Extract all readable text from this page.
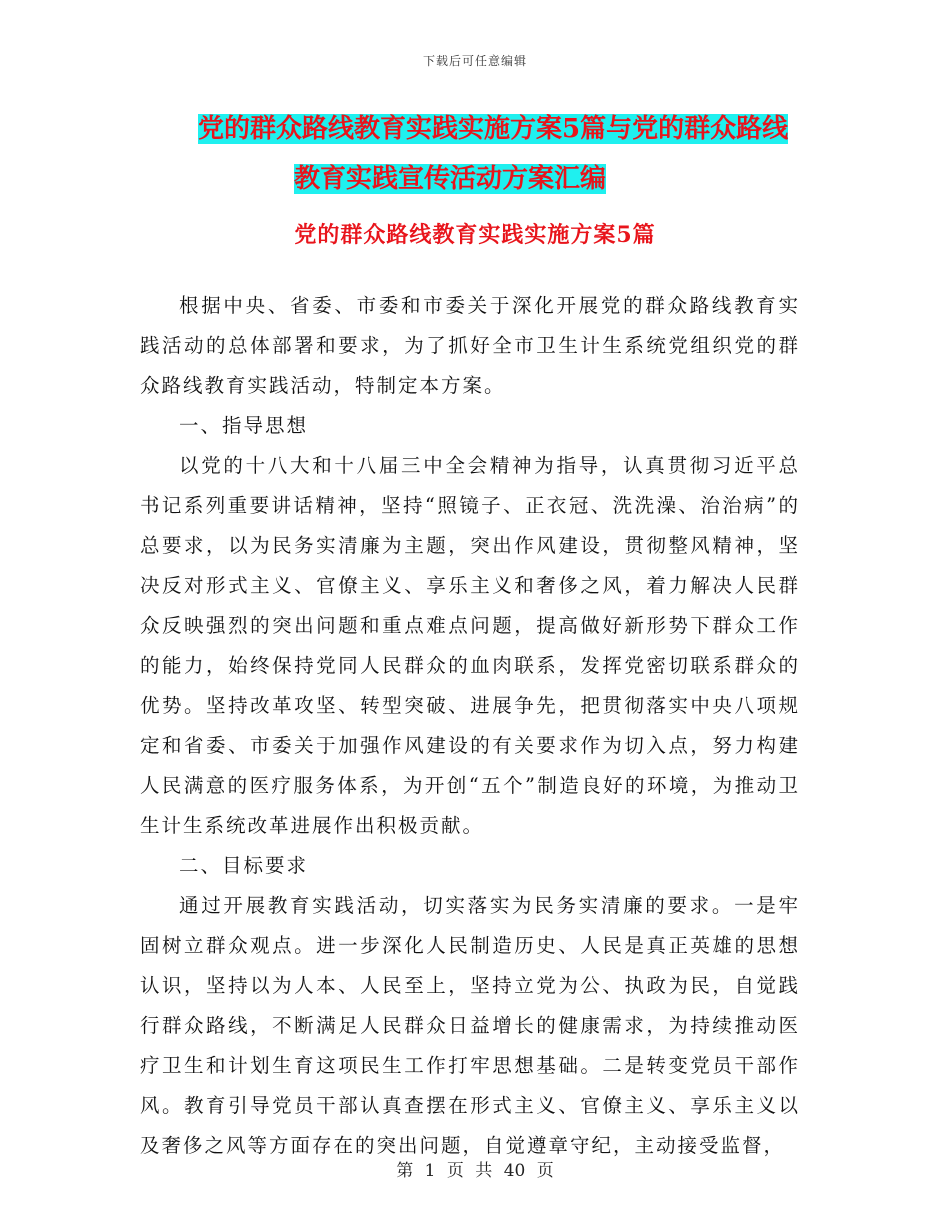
下载后可任意编辑
党的群众路线教育实践实施方案5篇与党的群众路线
教育实践宣传活动方案汇编
党的群众路线教育实践实施方案5篇

根据中央、省委、市委和市委关于深化开展党的群众路线教育实践活动的总体部署和要求，为了抓好全市卫生计生系统党组织党的群众路线教育实践活动，特制定本方案。

一、指导思想

以党的十八大和十八届三中全会精神为指导，认真贯彻习近平总书记系列重要讲话精神，坚持“照镜子、正衣冠、洗洗澡、治治病”的总要求，以为民务实清廉为主题，突出作风建设，贯彻整风精神，坚决反对形式主义、官僚主义、享乐主义和奢侈之风，着力解决人民群众反映强烈的突出问题和重点难点问题，提高做好新形势下群众工作的能力，始终保持党同人民群众的血肉联系，发挥党密切联系群众的优势。坚持改革攻坚、转型突破、进展争先，把贯彻落实中央八项规定和省委、市委关于加强作风建设的有关要求作为切入点，努力构建人民满意的医疗服务体系，为开创“五个”制造良好的环境，为推动卫生计生系统改革进展作出积极贡献。

二、目标要求

通过开展教育实践活动，切实落实为民务实清廉的要求。一是牢固树立群众观点。进一步深化人民制造历史、人民是真正英雄的思想认识，坚持以为人本、人民至上，坚持立党为公、执政为民，自觉践行群众路线，不断满足人民群众日益增长的健康需求，为持续推动医疗卫生和计划生育这项民生工作打牢思想基础。二是转变党员干部作风。教育引导党员干部认真查摆在形式主义、官僚主义、享乐主义以及奢侈之风等方面存在的突出问题，自觉遵章守纪，主动接受监督，

第 1 页 共 40 页
